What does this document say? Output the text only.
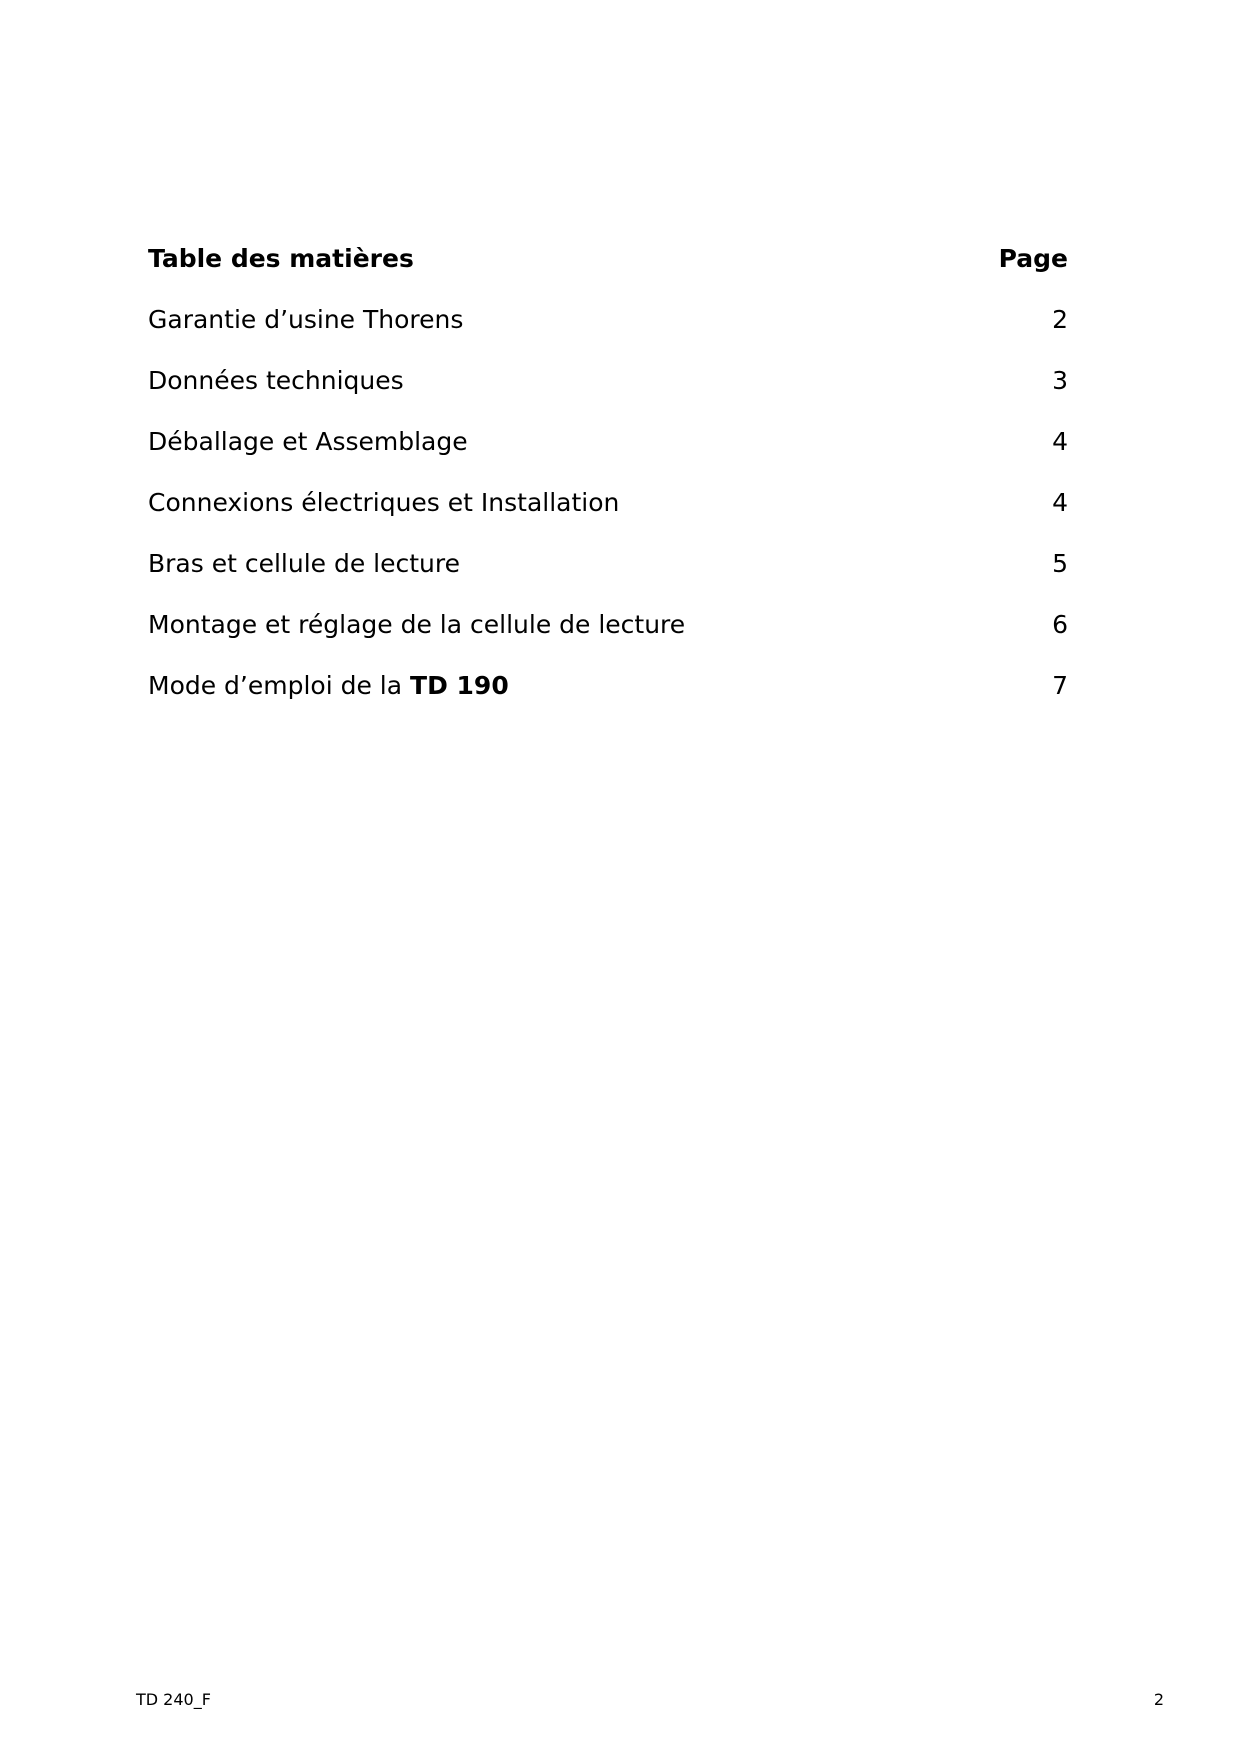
Table des matières	Page
Garantie d’usine Thorens	2
Données techniques	3
Déballage et Assemblage	4
Connexions électriques et Installation	4
Bras et cellule de lecture	5
Montage et réglage de la cellule de lecture	6
Mode d’emploi de la TD 190	7
TD 240_F	2
